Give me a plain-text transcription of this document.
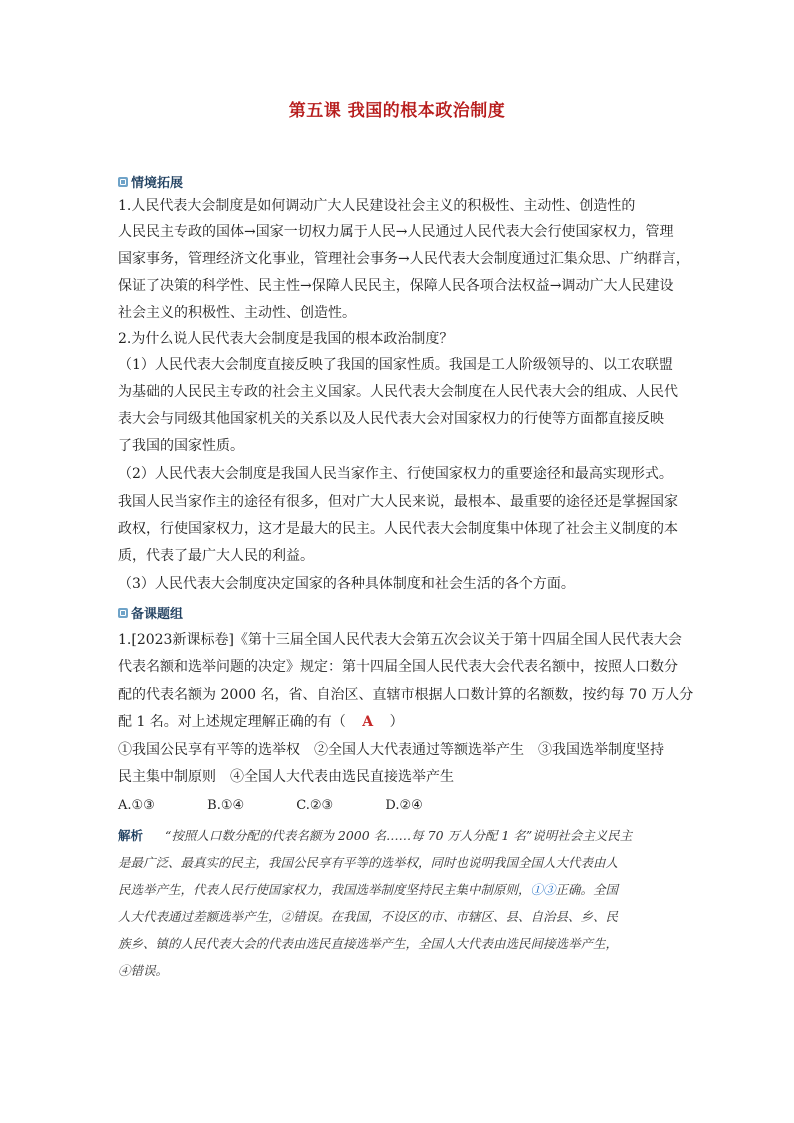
第五课 我国的根本政治制度
情境拓展
1.人民代表大会制度是如何调动广大人民建设社会主义的积极性、主动性、创造性的
人民民主专政的国体→国家一切权力属于人民→人民通过人民代表大会行使国家权力，管理
国家事务，管理经济文化事业，管理社会事务→人民代表大会制度通过汇集众思、广纳群言，
保证了决策的科学性、民主性→保障人民民主，保障人民各项合法权益→调动广大人民建设
社会主义的积极性、主动性、创造性。
2.为什么说人民代表大会制度是我国的根本政治制度？
（1）人民代表大会制度直接反映了我国的国家性质。我国是工人阶级领导的、以工农联盟
为基础的人民民主专政的社会主义国家。人民代表大会制度在人民代表大会的组成、人民代
表大会与同级其他国家机关的关系以及人民代表大会对国家权力的行使等方面都直接反映
了我国的国家性质。
（2）人民代表大会制度是我国人民当家作主、行使国家权力的重要途径和最高实现形式。
我国人民当家作主的途径有很多，但对广大人民来说，最根本、最重要的途径还是掌握国家
政权，行使国家权力，这才是最大的民主。人民代表大会制度集中体现了社会主义制度的本
质，代表了最广大人民的利益。
（3）人民代表大会制度决定国家的各种具体制度和社会生活的各个方面。
备课题组
1.[2023新课标卷]《第十三届全国人民代表大会第五次会议关于第十四届全国人民代表大会
代表名额和选举问题的决定》规定：第十四届全国人民代表大会代表名额中，按照人口数分
配的代表名额为 2000 名，省、自治区、直辖市根据人口数计算的名额数，按约每 70 万人分
配 1 名。对上述规定理解正确的有（ A ）
①我国公民享有平等的选举权　②全国人大代表通过等额选举产生　③我国选举制度坚持
民主集中制原则　④全国人大代表由选民直接选举产生
A.①③	B.①④	C.②③	D.②④
解析 “按照人口数分配的代表名额为 2000 名……每 70 万人分配 1 名”说明社会主义民主
是最广泛、最真实的民主，我国公民享有平等的选举权，同时也说明我国全国人大代表由人
民选举产生，代表人民行使国家权力，我国选举制度坚持民主集中制原则，①③正确。全国
人大代表通过差额选举产生，②错误。在我国，不设区的市、市辖区、县、自治县、乡、民
族乡、镇的人民代表大会的代表由选民直接选举产生，全国人大代表由选民间接选举产生，
④错误。
